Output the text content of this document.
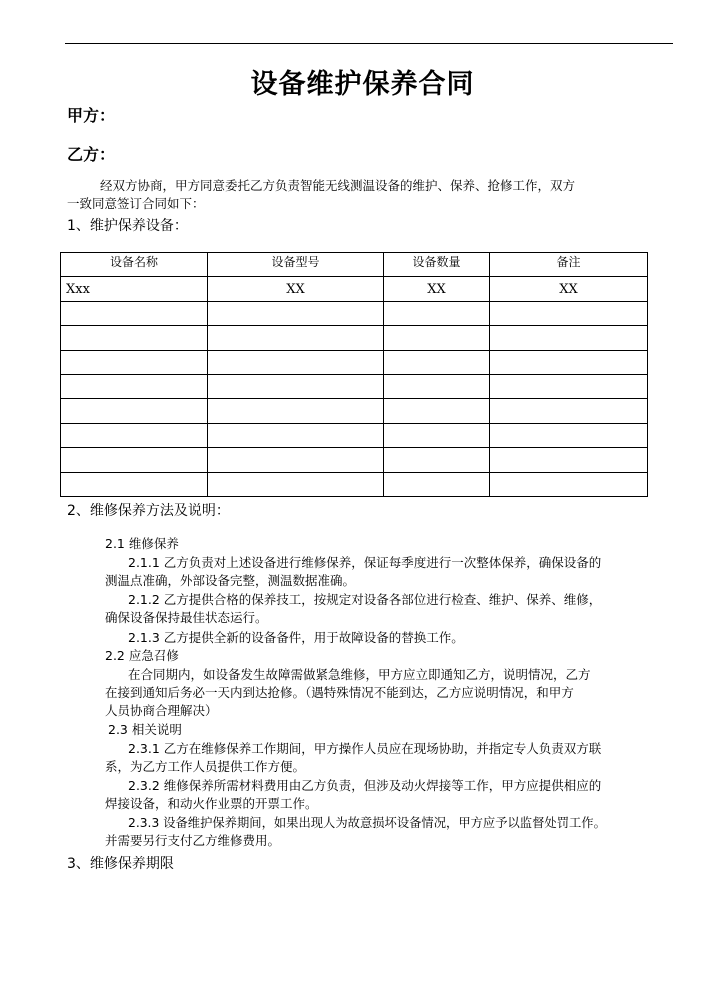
设备维护保养合同
甲方：
乙方：
经双方协商，甲方同意委托乙方负责智能无线测温设备的维护、保养、抢修工作，双方
一致同意签订合同如下：
1、维护保养设备：
设备名称	设备型号	设备数量	备注
Xxx	XX	XX	XX

2、维修保养方法及说明：
2.1 维修保养
2.1.1 乙方负责对上述设备进行维修保养，保证每季度进行一次整体保养，确保设备的
测温点准确，外部设备完整，测温数据准确。
2.1.2 乙方提供合格的保养技工，按规定对设备各部位进行检查、维护、保养、维修，
确保设备保持最佳状态运行。
2.1.3 乙方提供全新的设备备件，用于故障设备的替换工作。
2.2 应急召修
在合同期内，如设备发生故障需做紧急维修，甲方应立即通知乙方，说明情况，乙方
在接到通知后务必一天内到达抢修。（遇特殊情况不能到达，乙方应说明情况，和甲方
人员协商合理解决）
2.3 相关说明
2.3.1 乙方在维修保养工作期间，甲方操作人员应在现场协助，并指定专人负责双方联
系，为乙方工作人员提供工作方便。
2.3.2 维修保养所需材料费用由乙方负责，但涉及动火焊接等工作，甲方应提供相应的
焊接设备，和动火作业票的开票工作。
2.3.3 设备维护保养期间，如果出现人为故意损坏设备情况，甲方应予以监督处罚工作。
并需要另行支付乙方维修费用。
3、维修保养期限
